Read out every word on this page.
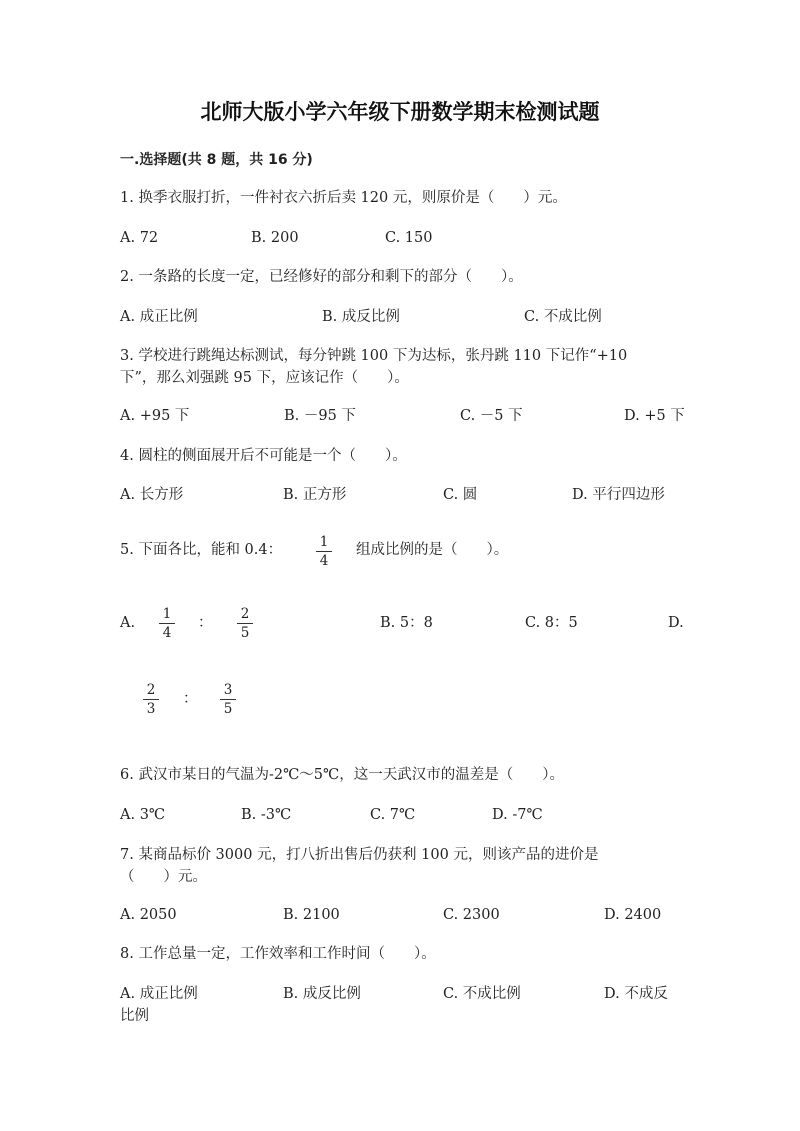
北师大版小学六年级下册数学期末检测试题
一.选择题(共 8 题，共 16 分)
1. 换季衣服打折，一件衬衣六折后卖 120 元，则原价是（　　）元。
A. 72	B. 200	C. 150
2. 一条路的长度一定，已经修好的部分和剩下的部分（　　）。
A. 成正比例	B. 成反比例	C. 不成比例
3. 学校进行跳绳达标测试，每分钟跳 100 下为达标，张丹跳 110 下记作“+10
下”，那么刘强跳 95 下，应该记作（　　）。
A. +95 下	B. －95 下	C. －5 下	D. +5 下
4. 圆柱的侧面展开后不可能是一个（　　）。
A. 长方形	B. 正方形	C. 圆	D. 平行四边形
5. 下面各比，能和 0.4：	1
4
组成比例的是（　　）。
A.
1
4
：
2
5
B. 5：8	C. 8：5	D.
2
3
：
3
5
6. 武汉市某日的气温为-2℃～5℃，这一天武汉市的温差是（　　）。
A. 3℃	B. -3℃	C. 7℃	D. -7℃
7. 某商品标价 3000 元，打八折出售后仍获利 100 元，则该产品的进价是
（　　）元。
A. 2050	B. 2100	C. 2300	D. 2400
8. 工作总量一定，工作效率和工作时间（　　）。
A. 成正比例	B. 成反比例	C. 不成比例	D. 不成反
比例
